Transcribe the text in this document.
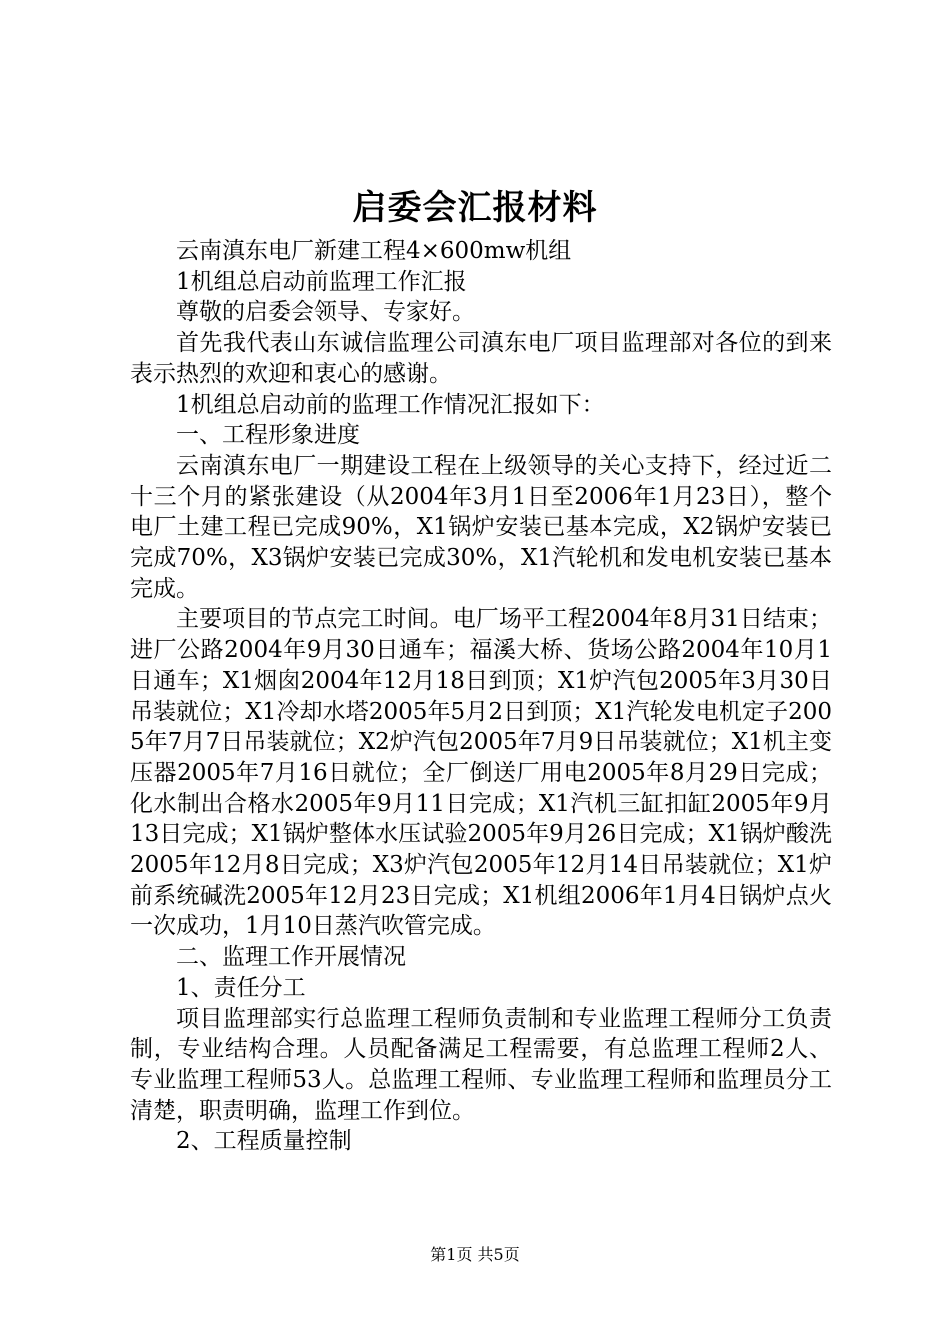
启委会汇报材料

云南滇东电厂新建工程4×600mw机组

1机组总启动前监理工作汇报

尊敬的启委会领导、专家好。

首先我代表山东诚信监理公司滇东电厂项目监理部对各位的到来表示热烈的欢迎和衷心的感谢。

1机组总启动前的监理工作情况汇报如下：

一、工程形象进度

云南滇东电厂一期建设工程在上级领导的关心支持下，经过近二十三个月的紧张建设（从2004年3月1日至2006年1月23日），整个电厂土建工程已完成90%，X1锅炉安装已基本完成，X2锅炉安装已完成70%，X3锅炉安装已完成30%，X1汽轮机和发电机安装已基本完成。

主要项目的节点完工时间。电厂场平工程2004年8月31日结束；进厂公路2004年9月30日通车；福溪大桥、货场公路2004年10月1日通车；X1烟囱2004年12月18日到顶；X1炉汽包2005年3月30日吊装就位；X1冷却水塔2005年5月2日到顶；X1汽轮发电机定子2005年7月7日吊装就位；X2炉汽包2005年7月9日吊装就位；X1机主变压器2005年7月16日就位；全厂倒送厂用电2005年8月29日完成；化水制出合格水2005年9月11日完成；X1汽机三缸扣缸2005年9月13日完成；X1锅炉整体水压试验2005年9月26日完成；X1锅炉酸洗2005年12月8日完成；X3炉汽包2005年12月14日吊装就位；X1炉前系统碱洗2005年12月23日完成；X1机组2006年1月4日锅炉点火一次成功，1月10日蒸汽吹管完成。

二、监理工作开展情况

1、责任分工

项目监理部实行总监理工程师负责制和专业监理工程师分工负责制，专业结构合理。人员配备满足工程需要，有总监理工程师2人、专业监理工程师53人。总监理工程师、专业监理工程师和监理员分工清楚，职责明确，监理工作到位。

2、工程质量控制

第1页 共5页
